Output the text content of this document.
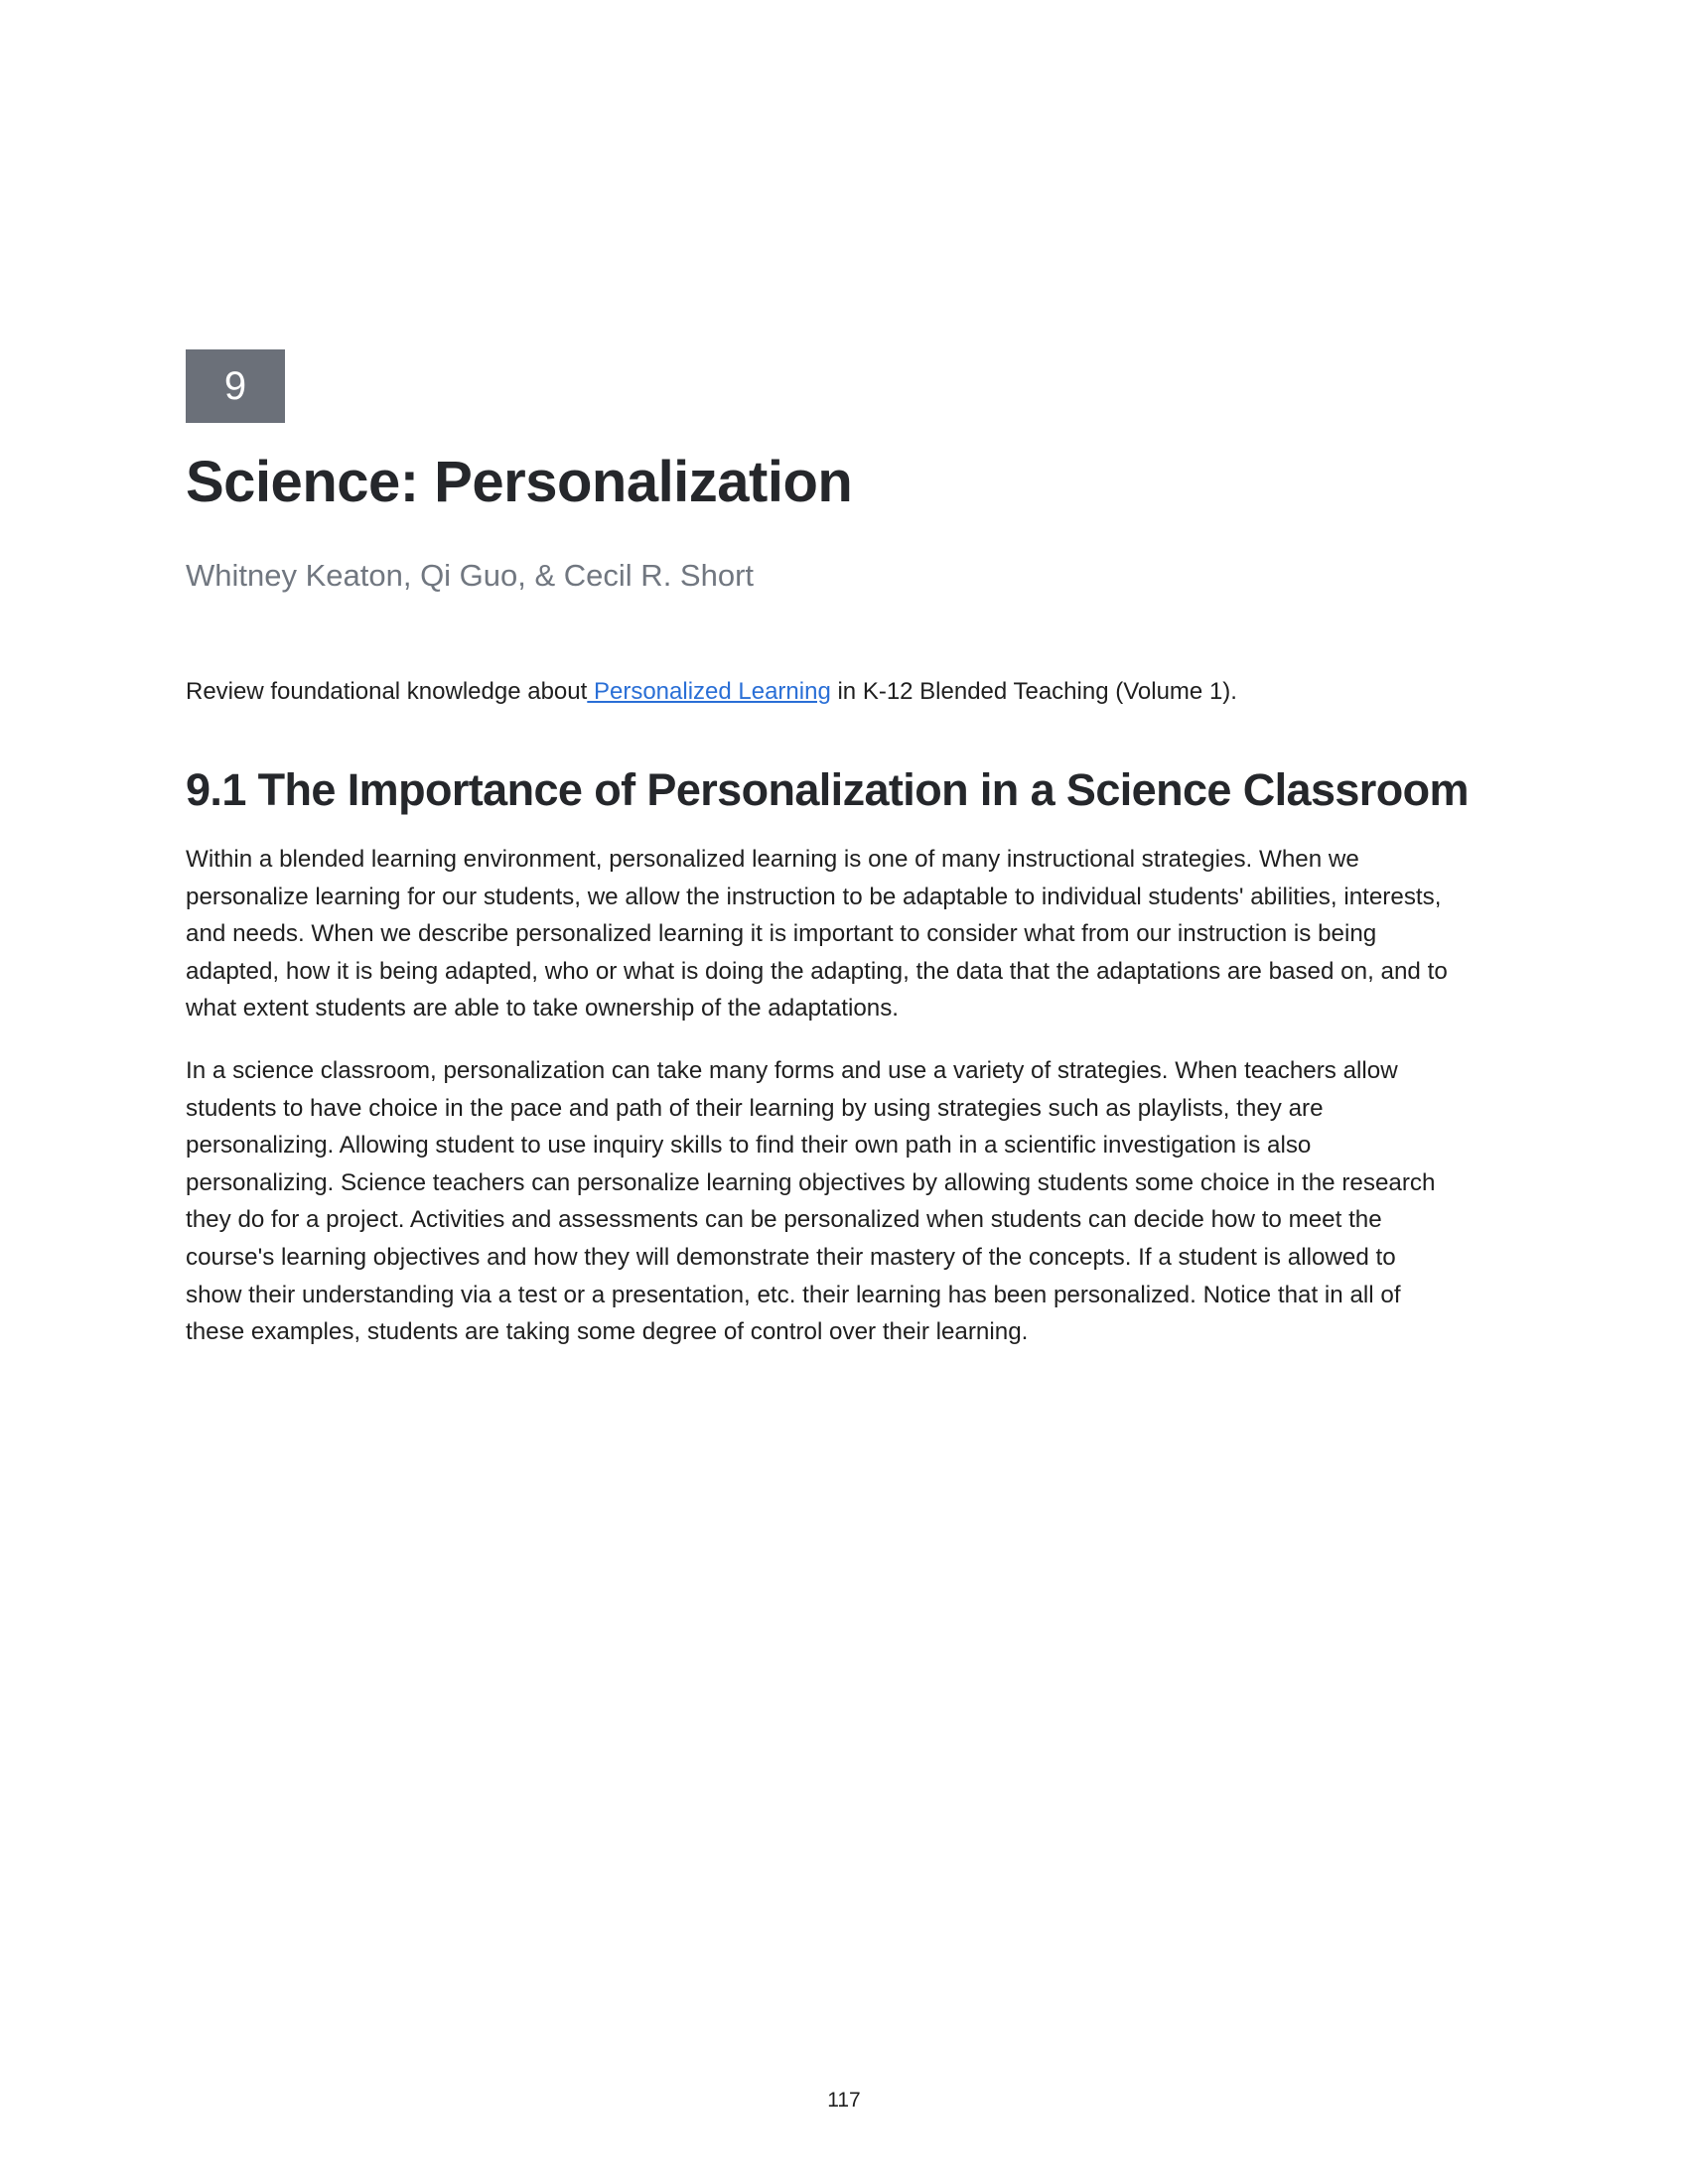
9
Science: Personalization
Whitney Keaton, Qi Guo, & Cecil R. Short

Review foundational knowledge about Personalized Learning in K-12 Blended Teaching (Volume 1).

9.1 The Importance of Personalization in a Science Classroom

Within a blended learning environment, personalized learning is one of many instructional strategies. When we
personalize learning for our students, we allow the instruction to be adaptable to individual students' abilities, interests,
and needs. When we describe personalized learning it is important to consider what from our instruction is being
adapted, how it is being adapted, who or what is doing the adapting, the data that the adaptations are based on, and to
what extent students are able to take ownership of the adaptations.

In a science classroom, personalization can take many forms and use a variety of strategies. When teachers allow
students to have choice in the pace and path of their learning by using strategies such as playlists, they are
personalizing. Allowing student to use inquiry skills to find their own path in a scientific investigation is also
personalizing. Science teachers can personalize learning objectives by allowing students some choice in the research
they do for a project. Activities and assessments can be personalized when students can decide how to meet the
course's learning objectives and how they will demonstrate their mastery of the concepts. If a student is allowed to
show their understanding via a test or a presentation, etc. their learning has been personalized. Notice that in all of
these examples, students are taking some degree of control over their learning.

117
